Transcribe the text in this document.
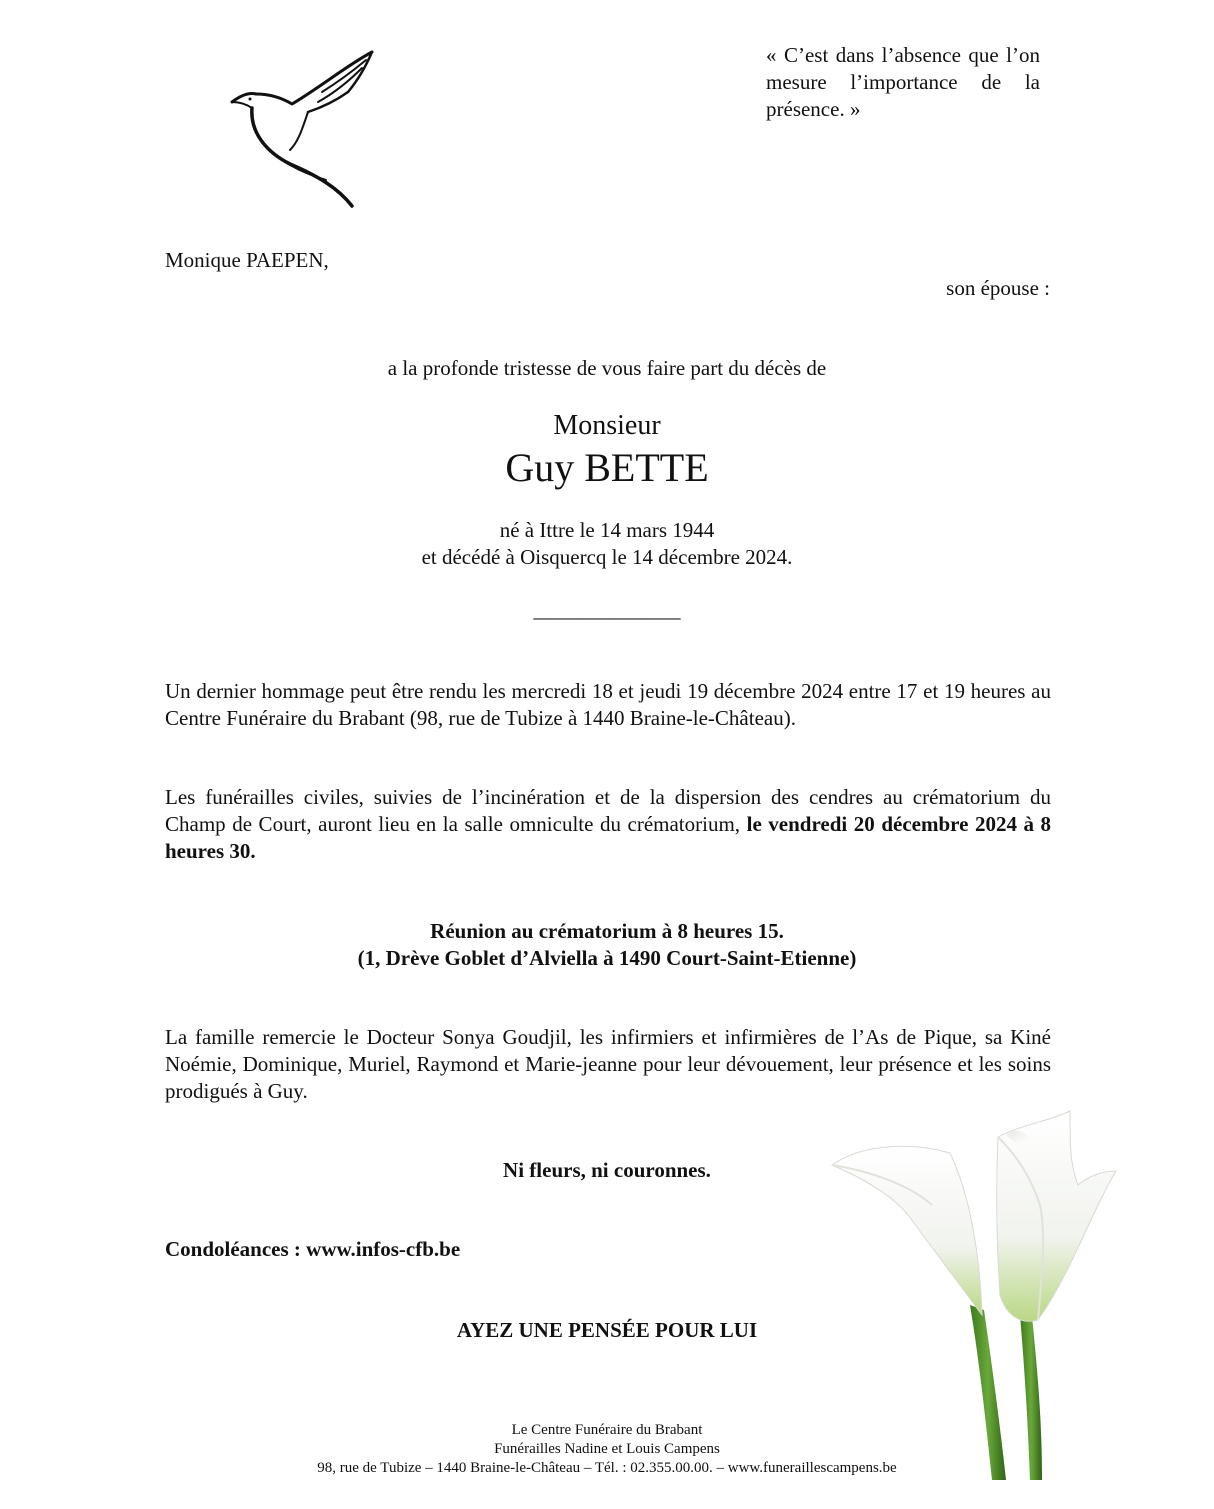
« C’est dans l’absence que l’on mesure l’importance de la présence. »
Monique PAEPEN,
son épouse :
a la profonde tristesse de vous faire part du décès de
Monsieur
Guy BETTE
né à Ittre le 14 mars 1944
et décédé à Oisquercq le 14 décembre 2024.
______________
Un dernier hommage peut être rendu les mercredi 18 et jeudi 19 décembre 2024 entre 17 et 19 heures au Centre Funéraire du Brabant (98, rue de Tubize à 1440 Braine-le-Château).
Les funérailles civiles, suivies de l’incinération et de la dispersion des cendres au crématorium du Champ de Court, auront lieu en la salle omniculte du crématorium, le vendredi 20 décembre 2024 à 8 heures 30.
Réunion au crématorium à 8 heures 15.
(1, Drève Goblet d’Alviella à 1490 Court-Saint-Etienne)
La famille remercie le Docteur Sonya Goudjil, les infirmiers et infirmières de l’As de Pique, sa Kiné Noémie, Dominique, Muriel, Raymond et Marie-jeanne pour leur dévouement, leur présence et les soins prodigués à Guy.
Ni fleurs, ni couronnes.
Condoléances : www.infos-cfb.be
AYEZ UNE PENSÉE POUR LUI
Le Centre Funéraire du Brabant
Funérailles Nadine et Louis Campens
98, rue de Tubize – 1440 Braine-le-Château – Tél. : 02.355.00.00. – www.funeraillescampens.be
